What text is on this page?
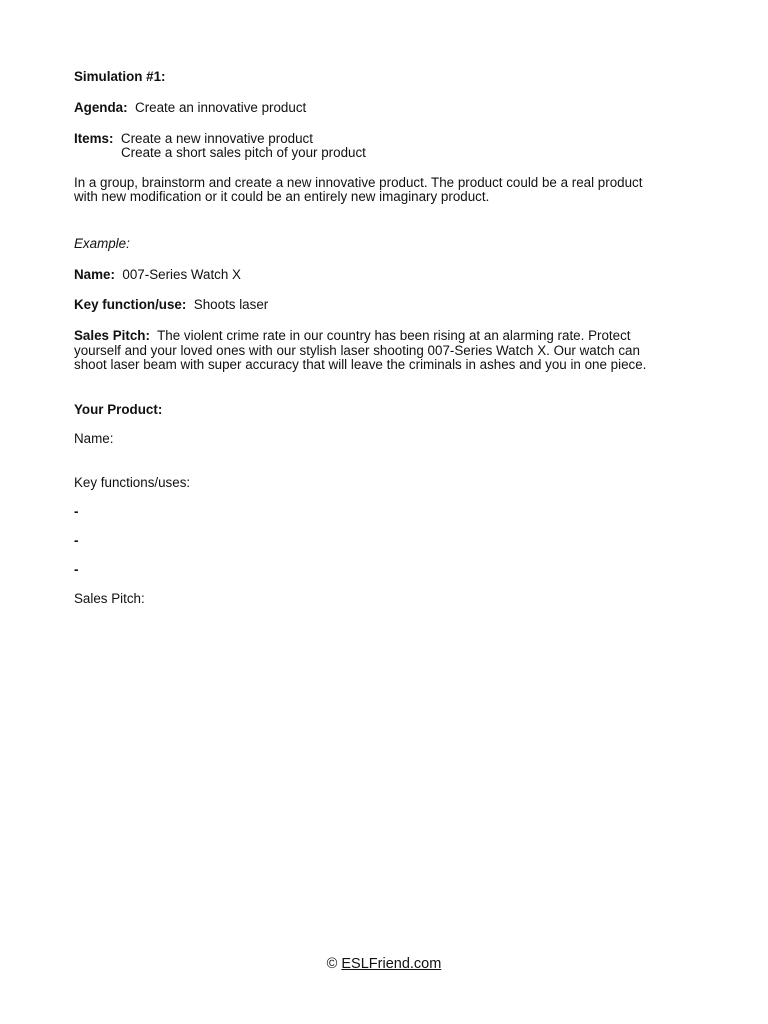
Simulation #1:
Agenda: Create an innovative product
Items: Create a new innovative product
Create a short sales pitch of your product
In a group, brainstorm and create a new innovative product. The product could be a real product
with new modification or it could be an entirely new imaginary product.
Example:
Name: 007-Series Watch X
Key function/use: Shoots laser
Sales Pitch: The violent crime rate in our country has been rising at an alarming rate. Protect
yourself and your loved ones with our stylish laser shooting 007-Series Watch X. Our watch can
shoot laser beam with super accuracy that will leave the criminals in ashes and you in one piece.
Your Product:
Name:
Key functions/uses:
-
-
-
Sales Pitch:
© ESLFriend.com
